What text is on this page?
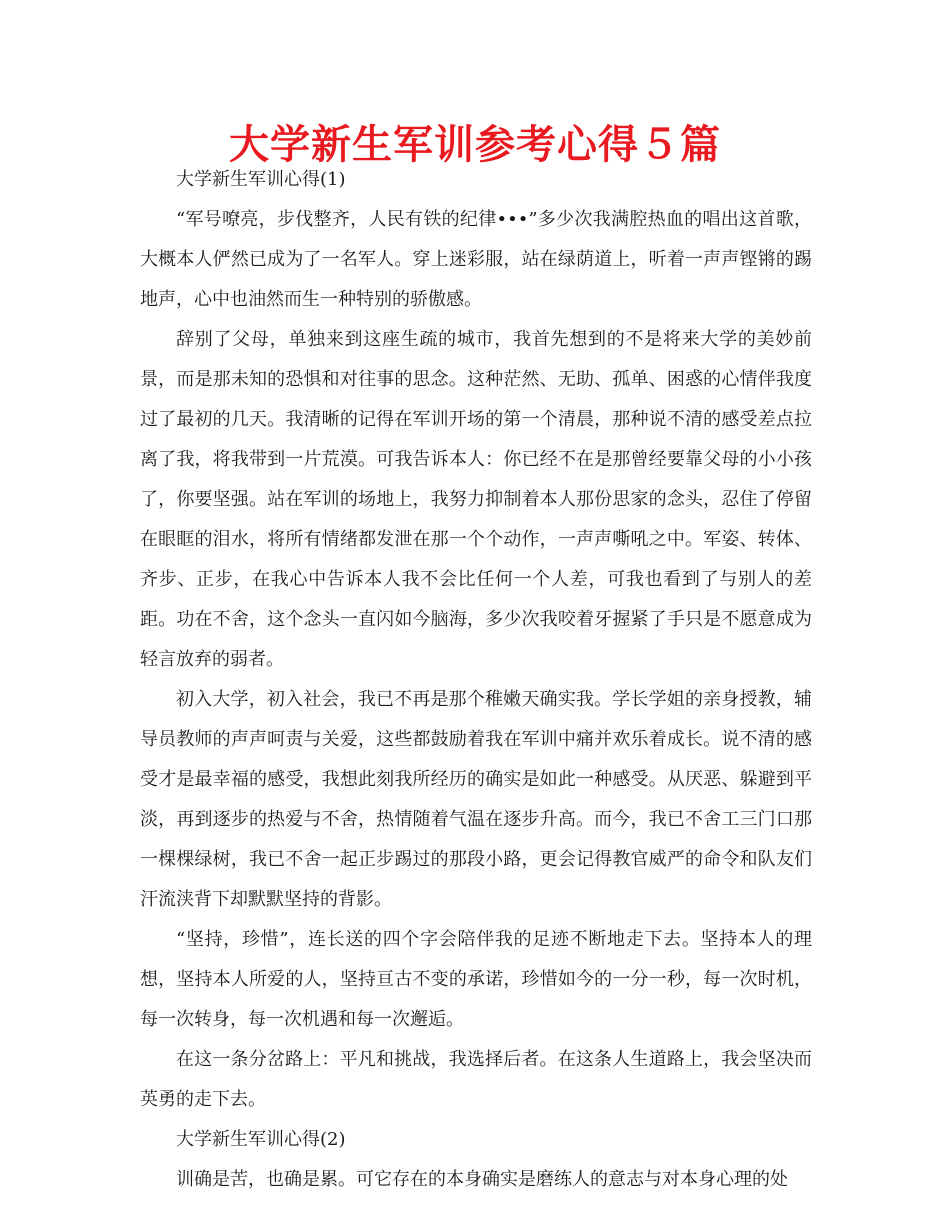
大学新生军训参考心得５篇

大学新生军训心得(1)

“军号嘹亮，步伐整齐，人民有铁的纪律•••”多少次我满腔热血的唱出这首歌，大概本人俨然已成为了一名军人。穿上迷彩服，站在绿荫道上，听着一声声铿锵的踢地声，心中也油然而生一种特别的骄傲感。

辞别了父母，单独来到这座生疏的城市，我首先想到的不是将来大学的美妙前景，而是那未知的恐惧和对往事的思念。这种茫然、无助、孤单、困惑的心情伴我度过了最初的几天。我清晰的记得在军训开场的第一个清晨，那种说不清的感受差点拉离了我，将我带到一片荒漠。可我告诉本人：你已经不在是那曾经要靠父母的小小孩了，你要坚强。站在军训的场地上，我努力抑制着本人那份思家的念头，忍住了停留在眼眶的泪水，将所有情绪都发泄在那一个个动作，一声声嘶吼之中。军姿、转体、齐步、正步，在我心中告诉本人我不会比任何一个人差，可我也看到了与别人的差距。功在不舍，这个念头一直闪如今脑海，多少次我咬着牙握紧了手只是不愿意成为轻言放弃的弱者。

初入大学，初入社会，我已不再是那个稚嫩天确实我。学长学姐的亲身授教，辅导员教师的声声呵责与关爱，这些都鼓励着我在军训中痛并欢乐着成长。说不清的感受才是最幸福的感受，我想此刻我所经历的确实是如此一种感受。从厌恶、躲避到平淡，再到逐步的热爱与不舍，热情随着气温在逐步升高。而今，我已不舍工三门口那一棵棵绿树，我已不舍一起正步踢过的那段小路，更会记得教官威严的命令和队友们汗流浃背下却默默坚持的背影。

“坚持，珍惜”，连长送的四个字会陪伴我的足迹不断地走下去。坚持本人的理想，坚持本人所爱的人，坚持亘古不变的承诺，珍惜如今的一分一秒，每一次时机，每一次转身，每一次机遇和每一次邂逅。

在这一条分岔路上：平凡和挑战，我选择后者。在这条人生道路上，我会坚决而英勇的走下去。

大学新生军训心得(2)

训确是苦，也确是累。可它存在的本身确实是磨练人的意志与对本身心理的处
